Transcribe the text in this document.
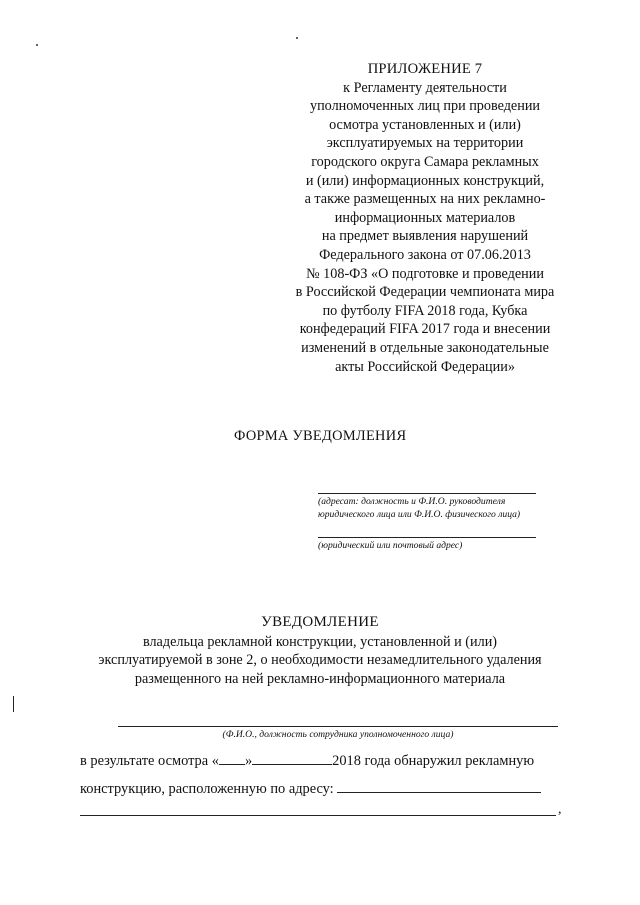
ПРИЛОЖЕНИЕ 7
к Регламенту деятельности
уполномоченных лиц при проведении
осмотра установленных и (или)
эксплуатируемых на территории
городского округа Самара рекламных
и (или) информационных конструкций,
а также размещенных на них рекламно-
информационных материалов
на предмет выявления нарушений
Федерального закона от 07.06.2013
№ 108-ФЗ «О подготовке и проведении
в Российской Федерации чемпионата мира
по футболу FIFA 2018 года, Кубка
конфедераций FIFA 2017 года и внесении
изменений в отдельные законодательные
акты Российской Федерации»
ФОРМА УВЕДОМЛЕНИЯ
(адресат: должность и Ф.И.О. руководителя
юридического лица или Ф.И.О. физического лица)
(юридический или почтовый адрес)
УВЕДОМЛЕНИЕ
владельца рекламной конструкции, установленной и (или)
эксплуатируемой в зоне 2, о необходимости незамедлительного удаления
размещенного на ней рекламно-информационного материала
(Ф.И.О., должность сотрудника уполномоченного лица)
в результате осмотра « »	2018 года обнаружил рекламную
конструкцию, расположенную по адресу:
,
